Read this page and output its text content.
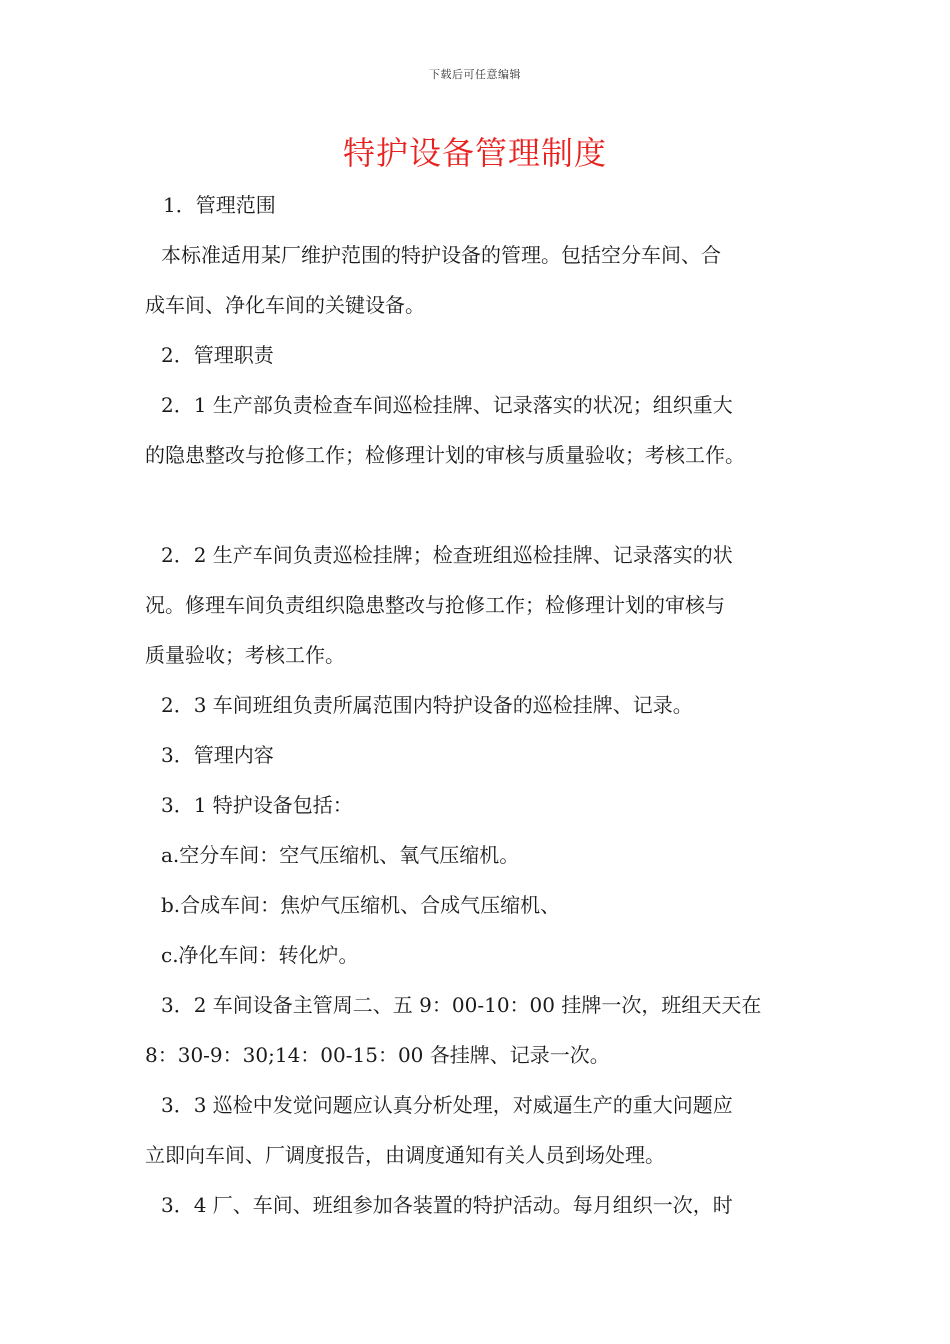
下载后可任意编辑
特护设备管理制度

1．管理范围

本标准适用某厂维护范围的特护设备的管理。包括空分车间、合

成车间、净化车间的关键设备。

2．管理职责

2．1 生产部负责检查车间巡检挂牌、记录落实的状况；组织重大

的隐患整改与抢修工作；检修理计划的审核与质量验收；考核工作。

2．2 生产车间负责巡检挂牌；检查班组巡检挂牌、记录落实的状

况。修理车间负责组织隐患整改与抢修工作；检修理计划的审核与

质量验收；考核工作。

2．3 车间班组负责所属范围内特护设备的巡检挂牌、记录。

3．管理内容

3．1 特护设备包括：

a.空分车间：空气压缩机、氧气压缩机。

b.合成车间：焦炉气压缩机、合成气压缩机、

c.净化车间：转化炉。

3．2 车间设备主管周二、五 9：00-10：00 挂牌一次，班组天天在

8：30-9：30;14：00-15：00 各挂牌、记录一次。

3．3 巡检中发觉问题应认真分析处理，对威逼生产的重大问题应

立即向车间、厂调度报告，由调度通知有关人员到场处理。

3．4 厂、车间、班组参加各装置的特护活动。每月组织一次，时
